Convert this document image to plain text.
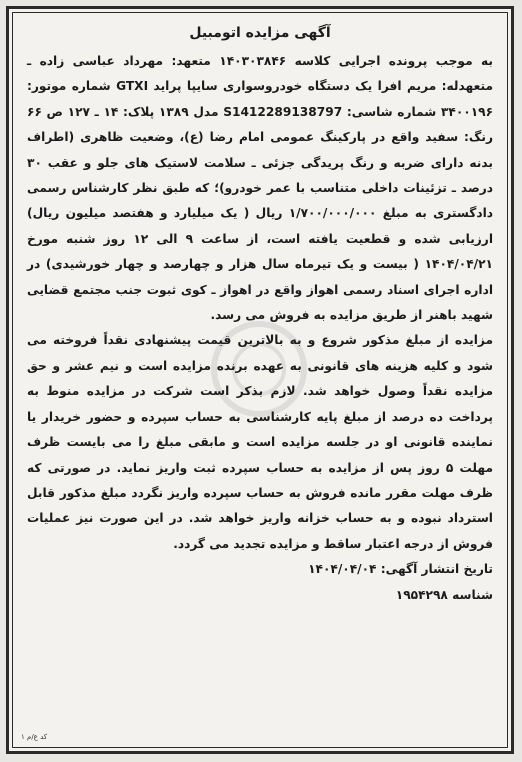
آگهی مزایده اتومبیل
به موجب پرونده اجرایی کلاسه ۱۴۰۳۰۳۸۴۶ متعهد: مهرداد عباسی زاده ـ متعهدله: مریم افرا یک دستگاه خودروسواری سایپا پراید GTXI شماره موتور: ۳۴۰۰۱۹۶ شماره شاسی: S1412289138797 مدل ۱۳۸۹ پلاک: ۱۴ ـ ۱۲۷ ص ۶۶ رنگ: سفید واقع در پارکینگ عمومی امام رضا (ع)، وضعیت ظاهری (اطراف بدنه دارای ضربه و رنگ پریدگی جزئی ـ سلامت لاستیک های جلو و عقب ۳۰ درصد ـ تزئینات داخلی متناسب با عمر خودرو)؛ که طبق نظر کارشناس رسمی دادگستری به مبلغ ۱/۷۰۰/۰۰۰/۰۰۰ ریال ( یک میلیارد و هفتصد میلیون ریال) ارزیابی شده و قطعیت یافته است، از ساعت ۹ الی ۱۲ روز شنبه مورخ ۱۴۰۴/۰۴/۲۱ ( بیست و یک تیرماه سال هزار و چهارصد و چهار خورشیدی) در اداره اجرای اسناد رسمی اهواز واقع در اهواز ـ کوی ثبوت جنب مجتمع قضایی شهید باهنر از طریق مزایده به فروش می رسد.
مزایده از مبلغ مذکور شروع و به بالاترین قیمت پیشنهادی نقداً فروخته می شود و کلیه هزینه های قانونی به عهده برنده مزایده است و نیم عشر و حق مزایده نقداً وصول خواهد شد. لازم بذکر است شرکت در مزایده منوط به پرداخت ده درصد از مبلغ پایه کارشناسی به حساب سپرده و حضور خریدار یا نماینده قانونی او در جلسه مزایده است و مابقی مبلغ را می بایست ظرف مهلت ۵ روز پس از مزایده به حساب سپرده ثبت واریز نماید. در صورتی که ظرف مهلت مقرر مانده فروش به حساب سپرده واریز نگردد مبلغ مذکور قابل استرداد نبوده و به حساب خزانه واریز خواهد شد. در این صورت نیز عملیات فروش از درجه اعتبار ساقط و مزایده تجدید می گردد.
تاریخ انتشار آگهی: ۱۴۰۴/۰۴/۰۴
شناسه ۱۹۵۴۲۹۸
کد ع/م ۱
